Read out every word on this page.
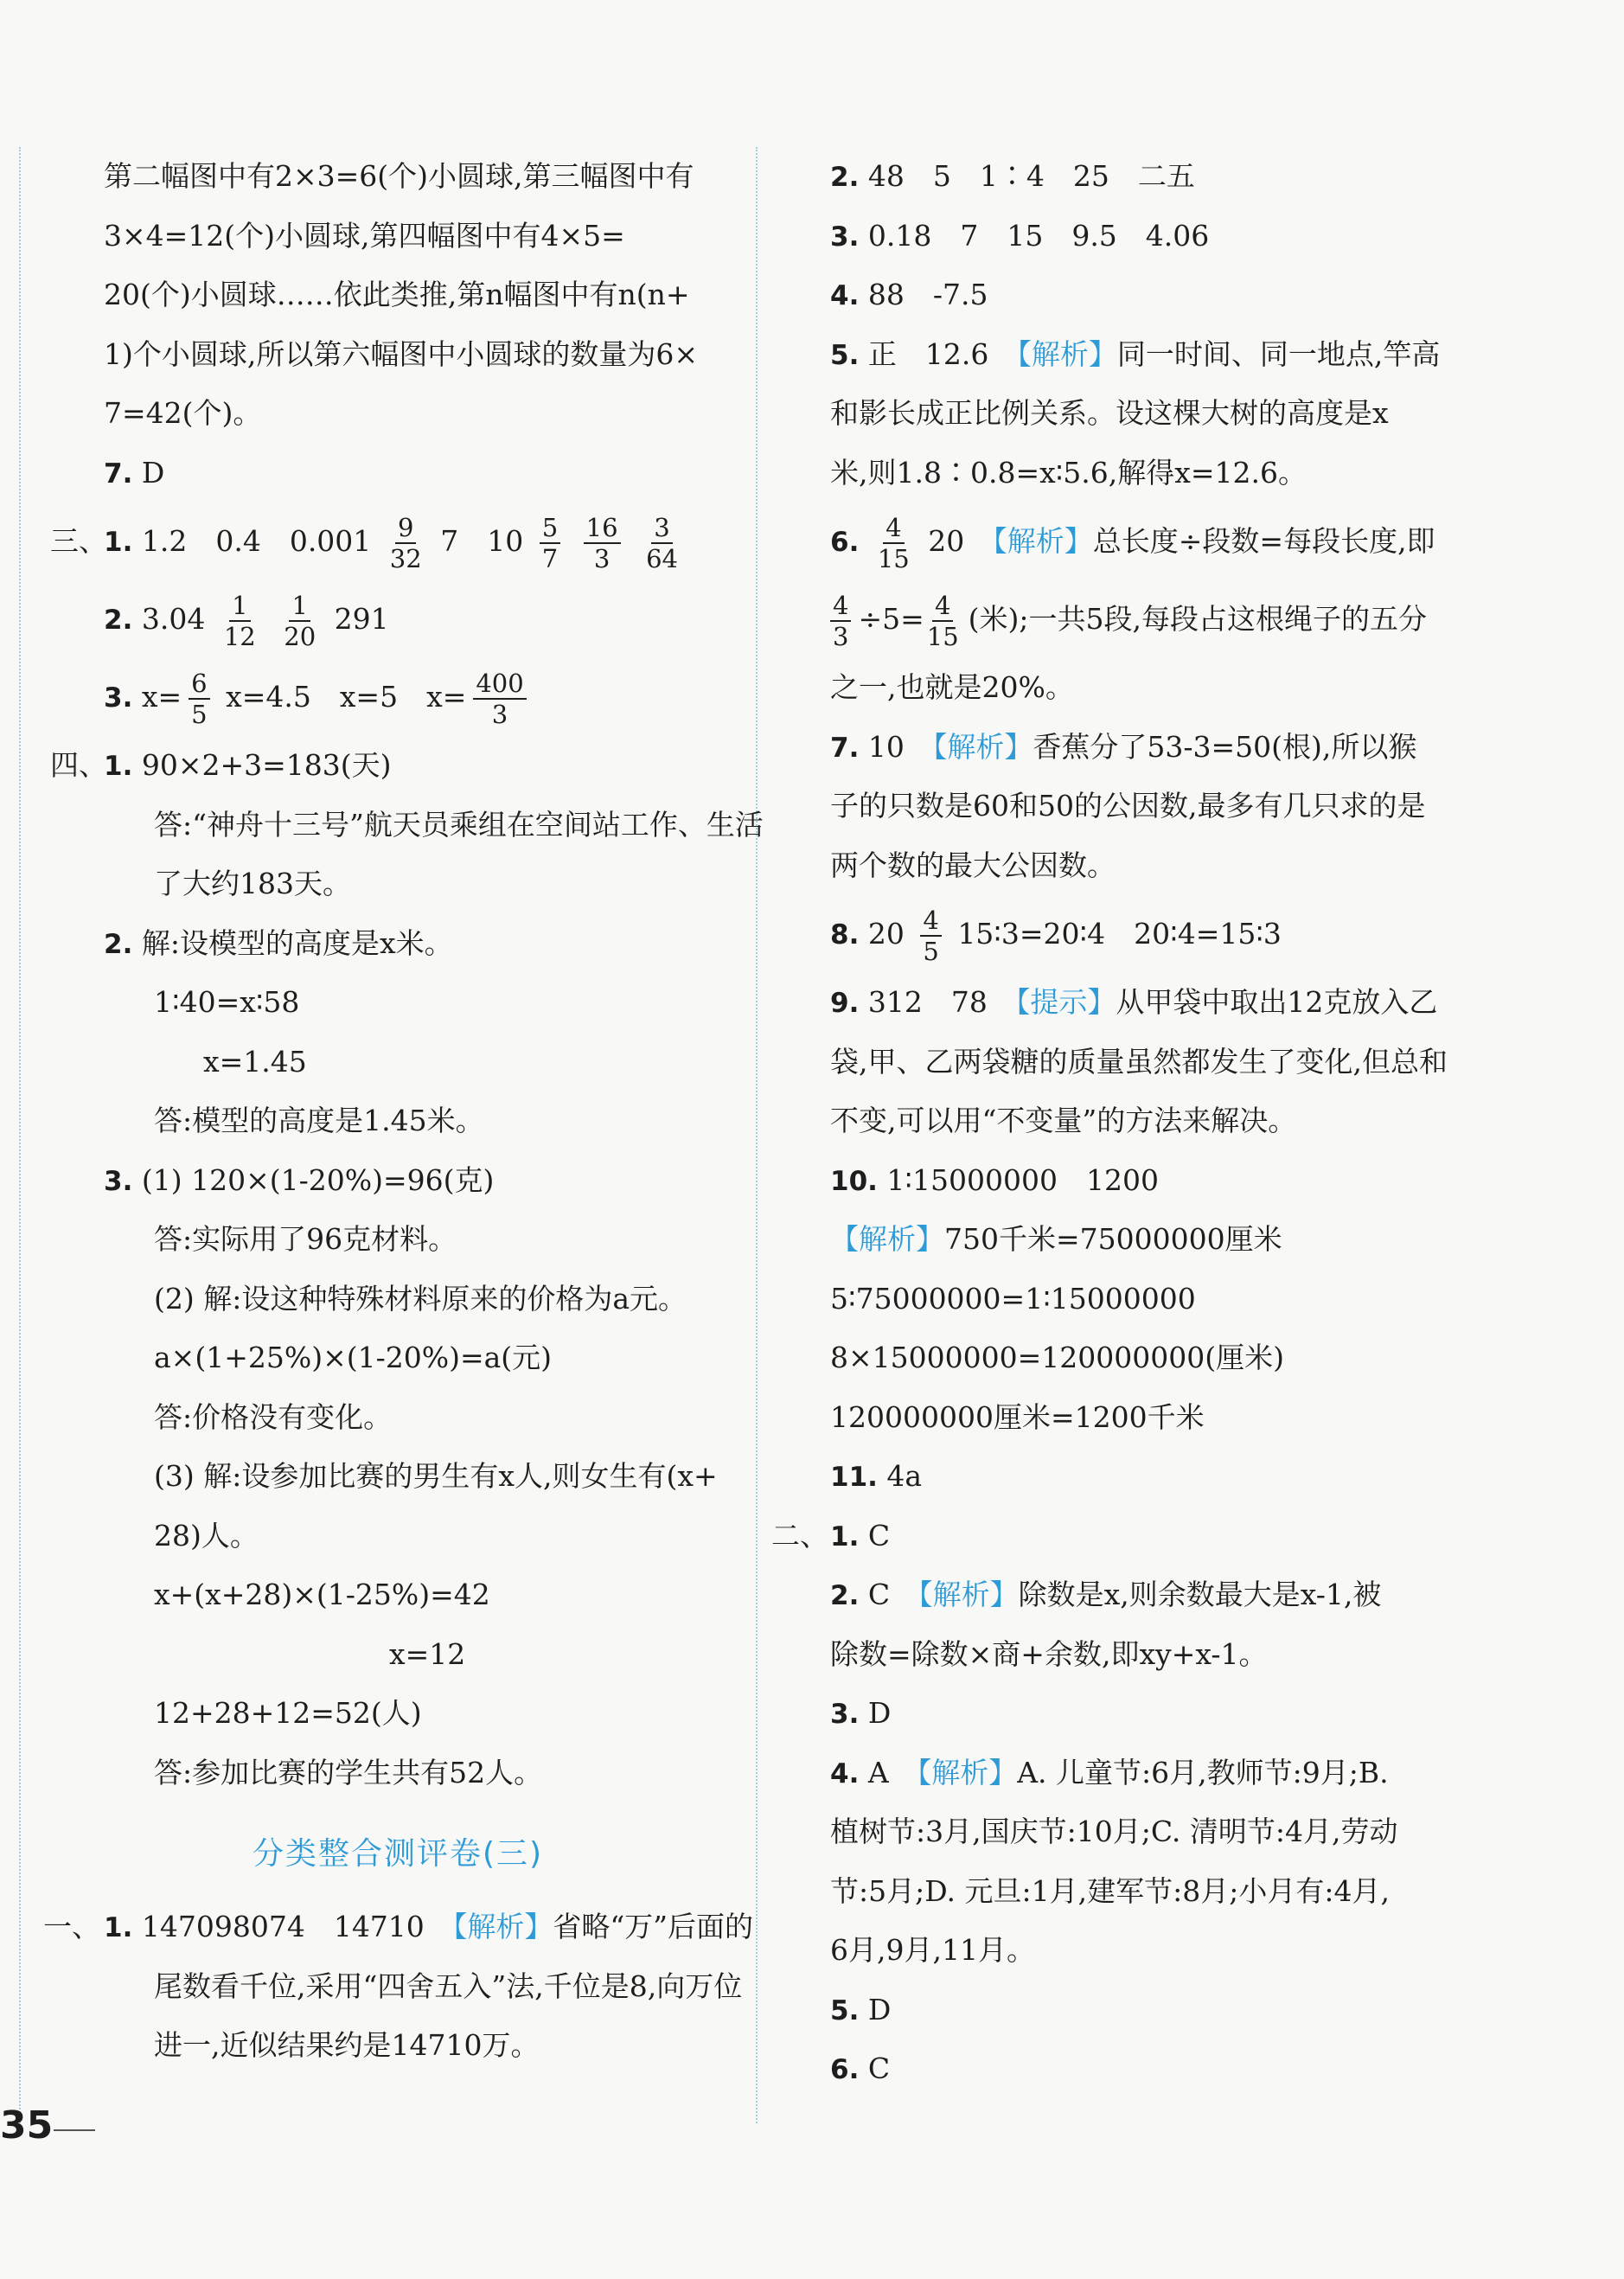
第二幅图中有2×3=6(个)小圆球,第三幅图中有
3×4=12(个)小圆球,第四幅图中有4×5=
20(个)小圆球……依此类推,第n幅图中有n(n+
1)个小圆球,所以第六幅图中小圆球的数量为6×
7=42(个)。
7. D
三、
1. 1.2　0.4　$0.001 \frac{9}{32} 7$　$10 \frac{5}{7}$
$\frac{16}{3}$
$\frac{3}{64}$
2. $3.04 \frac{1}{12}$
$\frac{1}{20} 291$
3. $x= \frac{6}{5} x=4.5$　x=5　$x= \frac{400}{3}$
四、
1. 90×2+3=183(天)
答:“神舟十三号”航天员乘组在空间站工作、生活
了大约183天。
2. 解:设模型的高度是x米。
1∶40=x∶58
x=1.45
答:模型的高度是1.45米。
3. (1) 120×(1-20%)=96(克)
答:实际用了96克材料。
(2) 解:设这种特殊材料原来的价格为a元。
a×(1+25%)×(1-20%)=a(元)
答:价格没有变化。
(3) 解:设参加比赛的男生有x人,则女生有(x+
28)人。
x+(x+28)×(1-25%)=42
x=12
12+28+12=52(人)
答:参加比赛的学生共有52人。
分类整合测评卷(三)
一、 1. 147098074　14710　【解析】省略“万”后面的
尾数看千位,采用“四舍五入”法,千位是8,向万位
进一,近似结果约是14710万。
2. 48　5　1∶4　25　二五
3. 0.18　7　15　9.5　4.06
4. 88　-7.5
5. 正　12.6　【解析】同一时间、同一地点,竿高
和影长成正比例关系。设这棵大树的高度是x
米,则1.8∶0.8=x∶5.6,解得x=12.6。
6. $\frac{4}{15} 20$　【解析】总长度÷段数=每段长度,即
$\frac{4}{3} \div 5= \frac{4}{15}$ (米);一共5段,每段占这根绳子的五分
之一,也就是20%。
7. 10　【解析】香蕉分了53-3=50(根),所以猴
子的只数是60和50的公因数,最多有几只求的是
两个数的最大公因数。
8. $20 \frac{4}{5}$ 15∶3=20∶4　20∶4=15∶3
9. 312　78　【提示】从甲袋中取出12克放入乙
袋,甲、乙两袋糖的质量虽然都发生了变化,但总和
不变,可以用“不变量”的方法来解决。
10. 1∶15000000　1200
【解析】750千米=75000000厘米
5∶75000000=1∶15000000
8×15000000=120000000(厘米)
120000000厘米=1200千米
11. 4a
二、 1. C
2. C　【解析】除数是x,则余数最大是x-1,被
除数=除数×商+余数,即xy+x-1。
3. D
4. A　【解析】A. 儿童节:6月,教师节:9月;B.
植树节:3月,国庆节:10月;C. 清明节:4月,劳动
节:5月;D. 元旦:1月,建军节:8月;小月有:4月,
6月,9月,11月。
5. D
6. C
35
